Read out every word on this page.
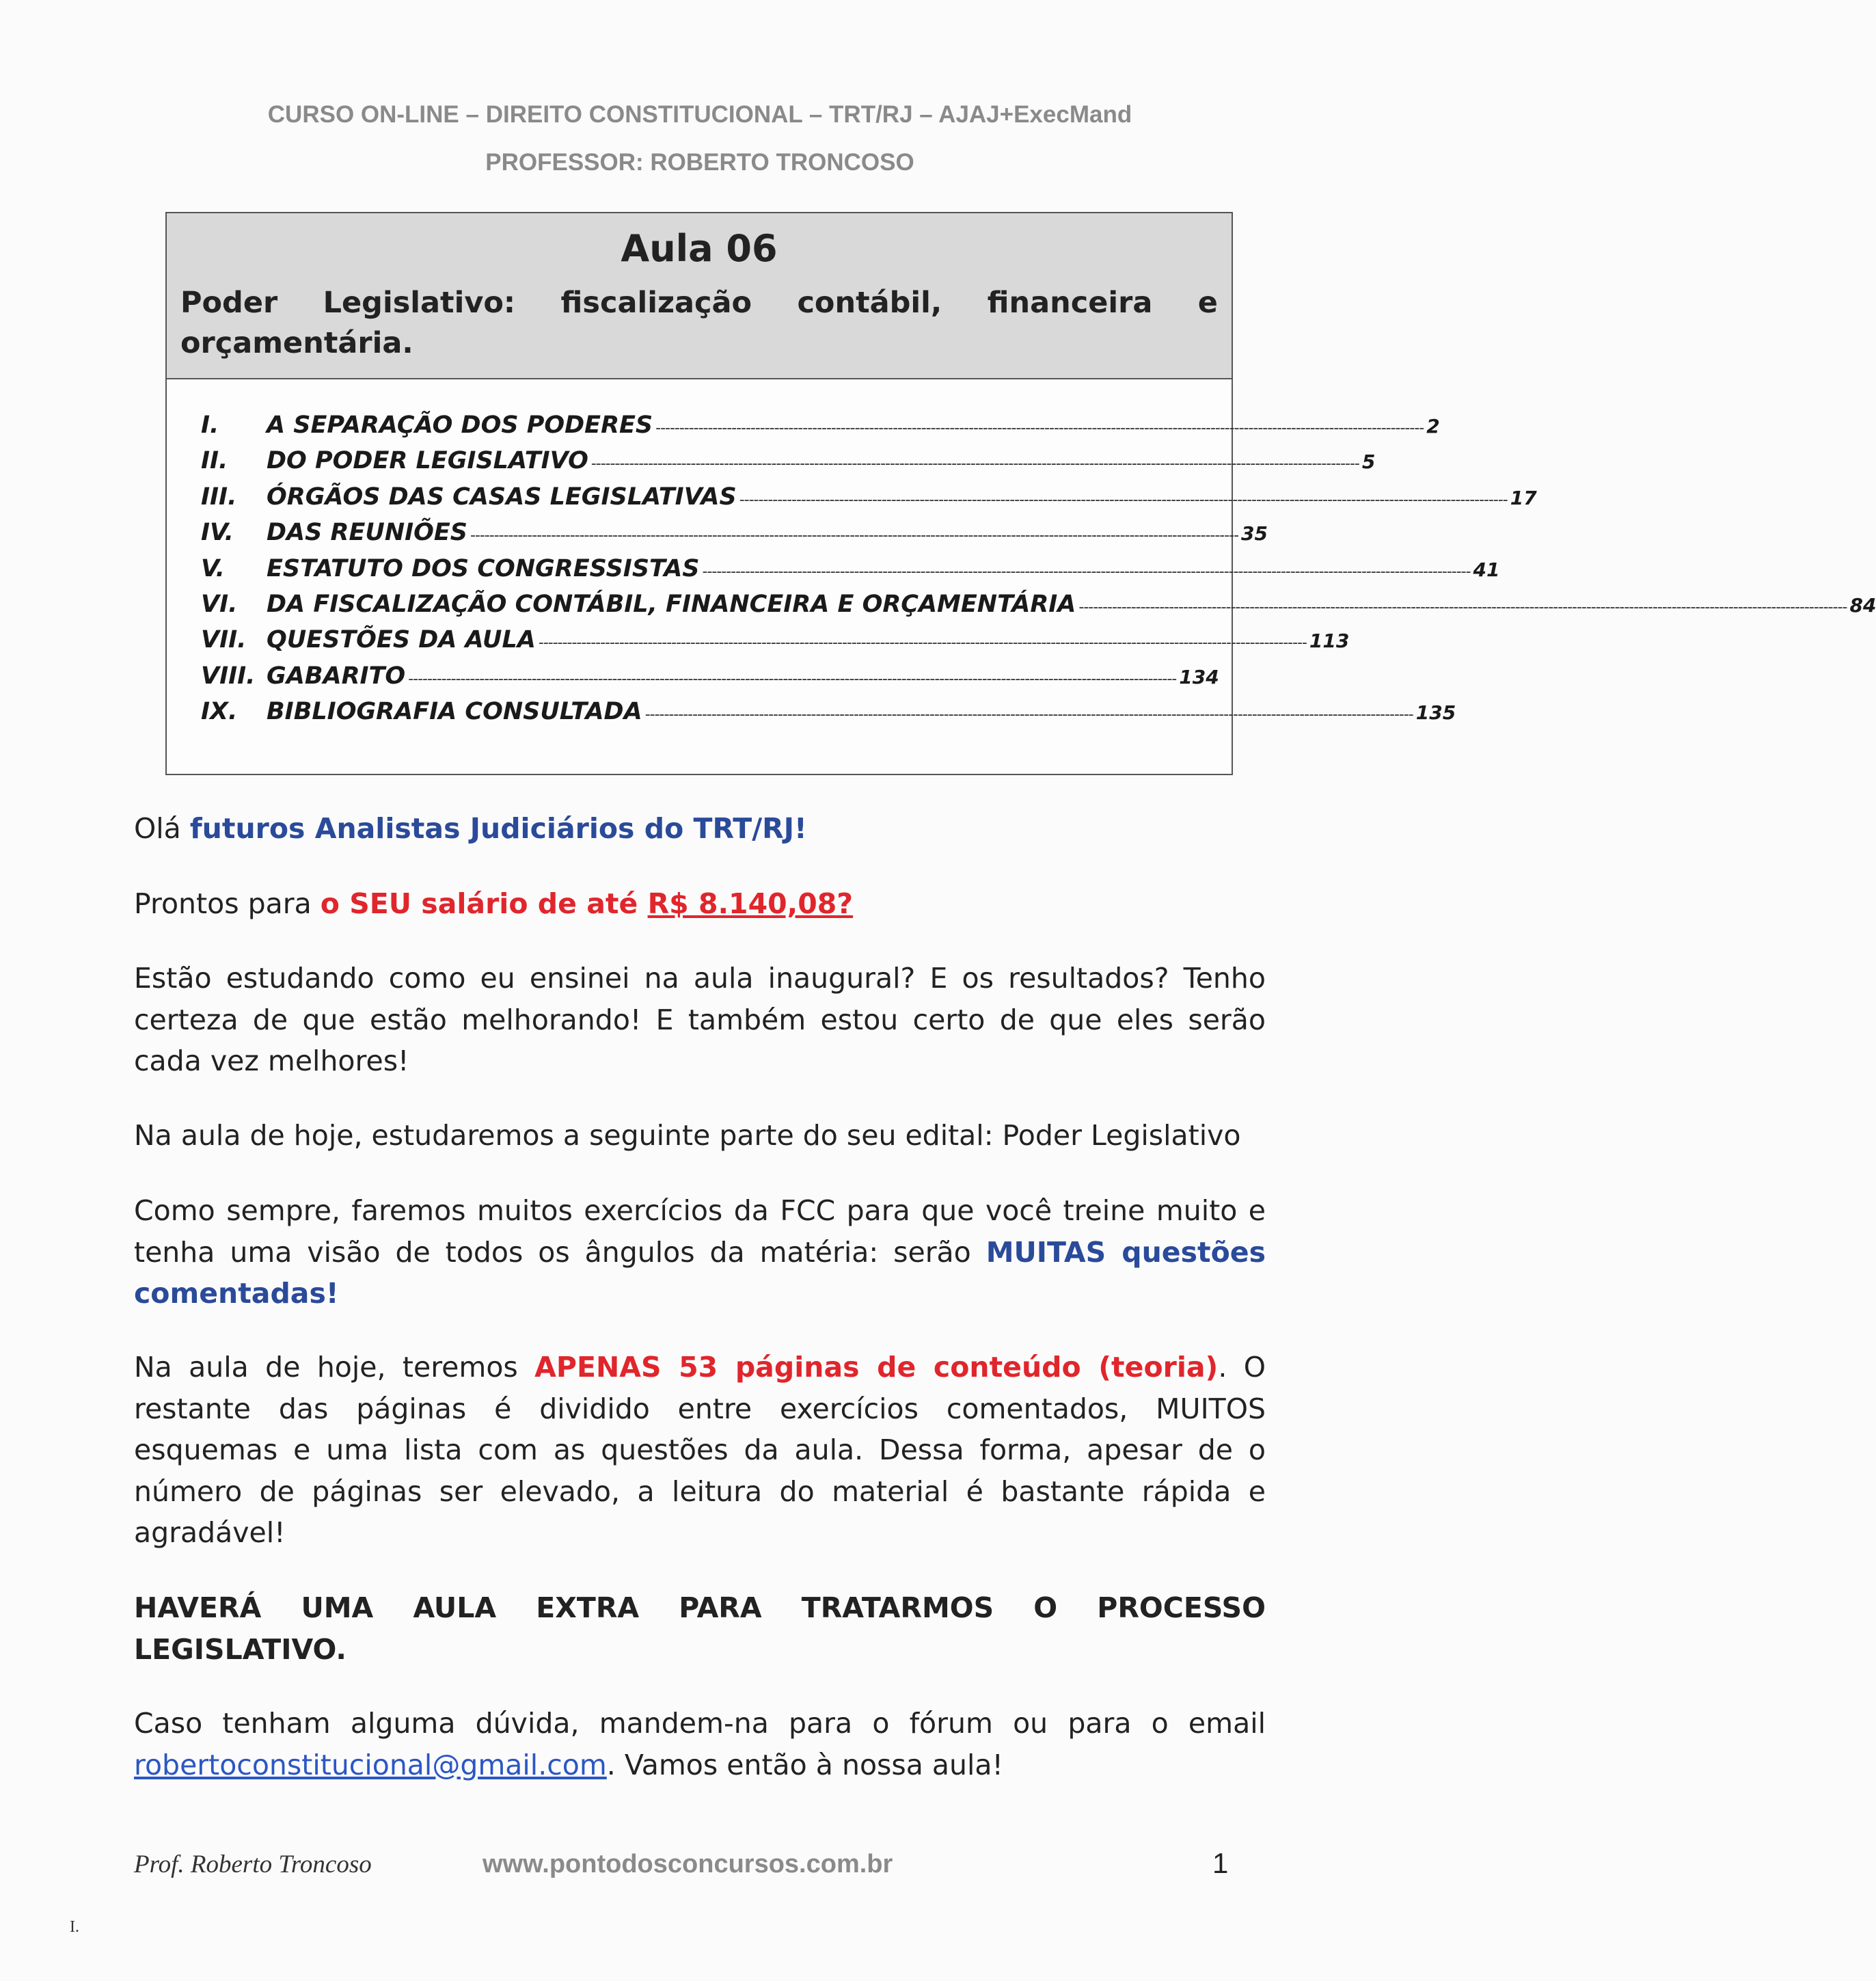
CURSO ON-LINE – DIREITO CONSTITUCIONAL – TRT/RJ – AJAJ+ExecMand
PROFESSOR: ROBERTO TRONCOSO
Aula 06
Poder Legislativo: fiscalização contábil, financeira e
orçamentária.
I.	A SEPARAÇÃO DOS PODERES ------------------------------------------------------------------------------------------------------------------------------------------------------------------ 2
II.	DO PODER LEGISLATIVO ------------------------------------------------------------------------------------------------------------------------------------------------------------------ 5
III.	ÓRGÃOS DAS CASAS LEGISLATIVAS ------------------------------------------------------------------------------------------------------------------------------------------------------------------ 17
IV.	DAS REUNIÕES ------------------------------------------------------------------------------------------------------------------------------------------------------------------ 35
V.	ESTATUTO DOS CONGRESSISTAS ------------------------------------------------------------------------------------------------------------------------------------------------------------------ 41
VI.	DA FISCALIZAÇÃO CONTÁBIL, FINANCEIRA E ORÇAMENTÁRIA ------------------------------------------------------------------------------------------------------------------------------------------------------------------ 84
VII. QUESTÕES DA AULA ------------------------------------------------------------------------------------------------------------------------------------------------------------------ 113
VIII. GABARITO ------------------------------------------------------------------------------------------------------------------------------------------------------------------ 134
IX.	BIBLIOGRAFIA CONSULTADA ------------------------------------------------------------------------------------------------------------------------------------------------------------------ 135
Olá futuros Analistas Judiciários do TRT/RJ!
Prontos para o SEU salário de até R$ 8.140,08?
Estão estudando como eu ensinei na aula inaugural? E os resultados? Tenho certeza de que estão melhorando! E também estou certo de que eles serão cada vez melhores!
Na aula de hoje, estudaremos a seguinte parte do seu edital: Poder Legislativo
Como sempre, faremos muitos exercícios da FCC para que você treine muito e tenha uma visão de todos os ângulos da matéria: serão MUITAS questões comentadas!
Na aula de hoje, teremos APENAS 53 páginas de conteúdo (teoria). O restante das páginas é dividido entre exercícios comentados, MUITOS esquemas e uma lista com as questões da aula. Dessa forma, apesar de o número de páginas ser elevado, a leitura do material é bastante rápida e agradável!
HAVERÁ UMA AULA EXTRA PARA TRATARMOS O PROCESSO
LEGISLATIVO.
Caso tenham alguma dúvida, mandem-na para o fórum ou para o email robertoconstitucional@gmail.com. Vamos então à nossa aula!
Prof. Roberto Troncoso	www.pontodosconcursos.com.br	1
I.
